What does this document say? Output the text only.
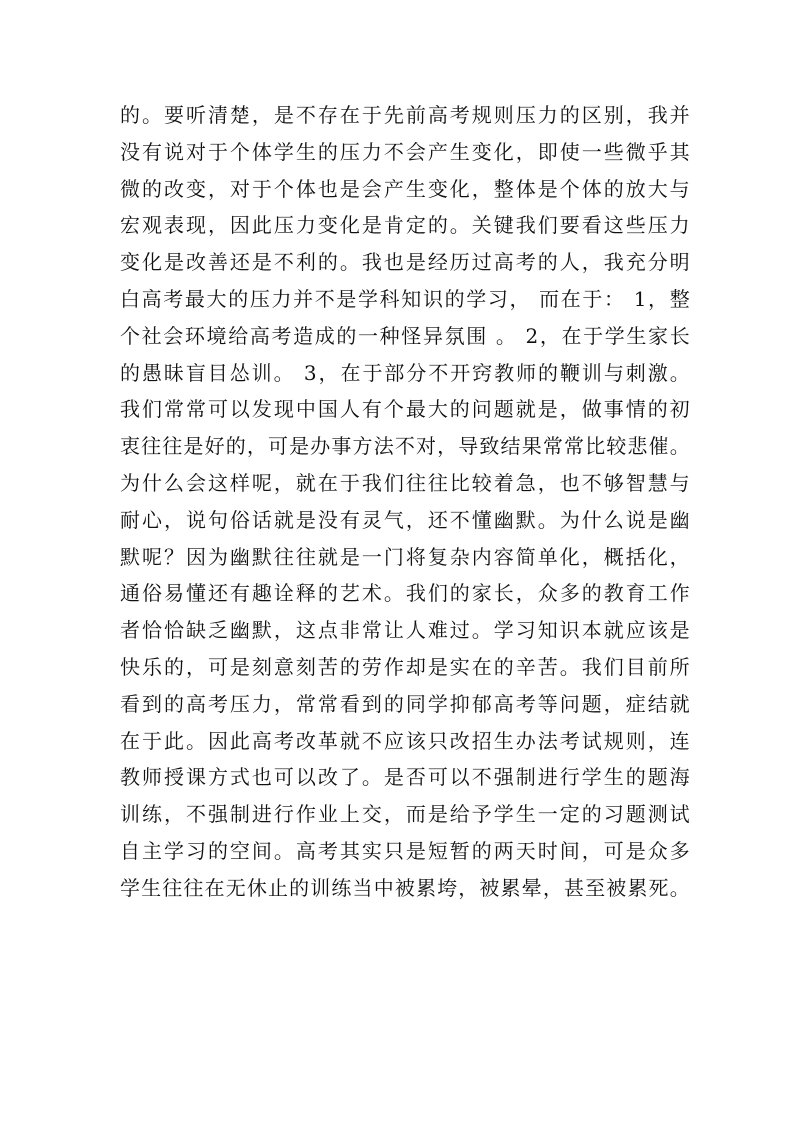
的。要听清楚，是不存在于先前高考规则压力的区别，我并
没有说对于个体学生的压力不会产生变化，即使一些微乎其
微的改变，对于个体也是会产生变化，整体是个体的放大与
宏观表现，因此压力变化是肯定的。关键我们要看这些压力
变化是改善还是不利的。我也是经历过高考的人，我充分明
白高考最大的压力并不是学科知识的学习， 而在于： 1，整
个社会环境给高考造成的一种怪异氛围 。 2，在于学生家长
的愚昧盲目怂训。 3，在于部分不开窍教师的鞭训与刺激。
我们常常可以发现中国人有个最大的问题就是，做事情的初
衷往往是好的，可是办事方法不对，导致结果常常比较悲催。
为什么会这样呢，就在于我们往往比较着急，也不够智慧与
耐心，说句俗话就是没有灵气，还不懂幽默。为什么说是幽
默呢？因为幽默往往就是一门将复杂内容简单化，概括化，
通俗易懂还有趣诠释的艺术。我们的家长，众多的教育工作
者恰恰缺乏幽默，这点非常让人难过。学习知识本就应该是
快乐的，可是刻意刻苦的劳作却是实在的辛苦。我们目前所
看到的高考压力，常常看到的同学抑郁高考等问题，症结就
在于此。因此高考改革就不应该只改招生办法考试规则，连
教师授课方式也可以改了。是否可以不强制进行学生的题海
训练，不强制进行作业上交，而是给予学生一定的习题测试
自主学习的空间。高考其实只是短暂的两天时间，可是众多
学生往往在无休止的训练当中被累垮，被累晕，甚至被累死。
